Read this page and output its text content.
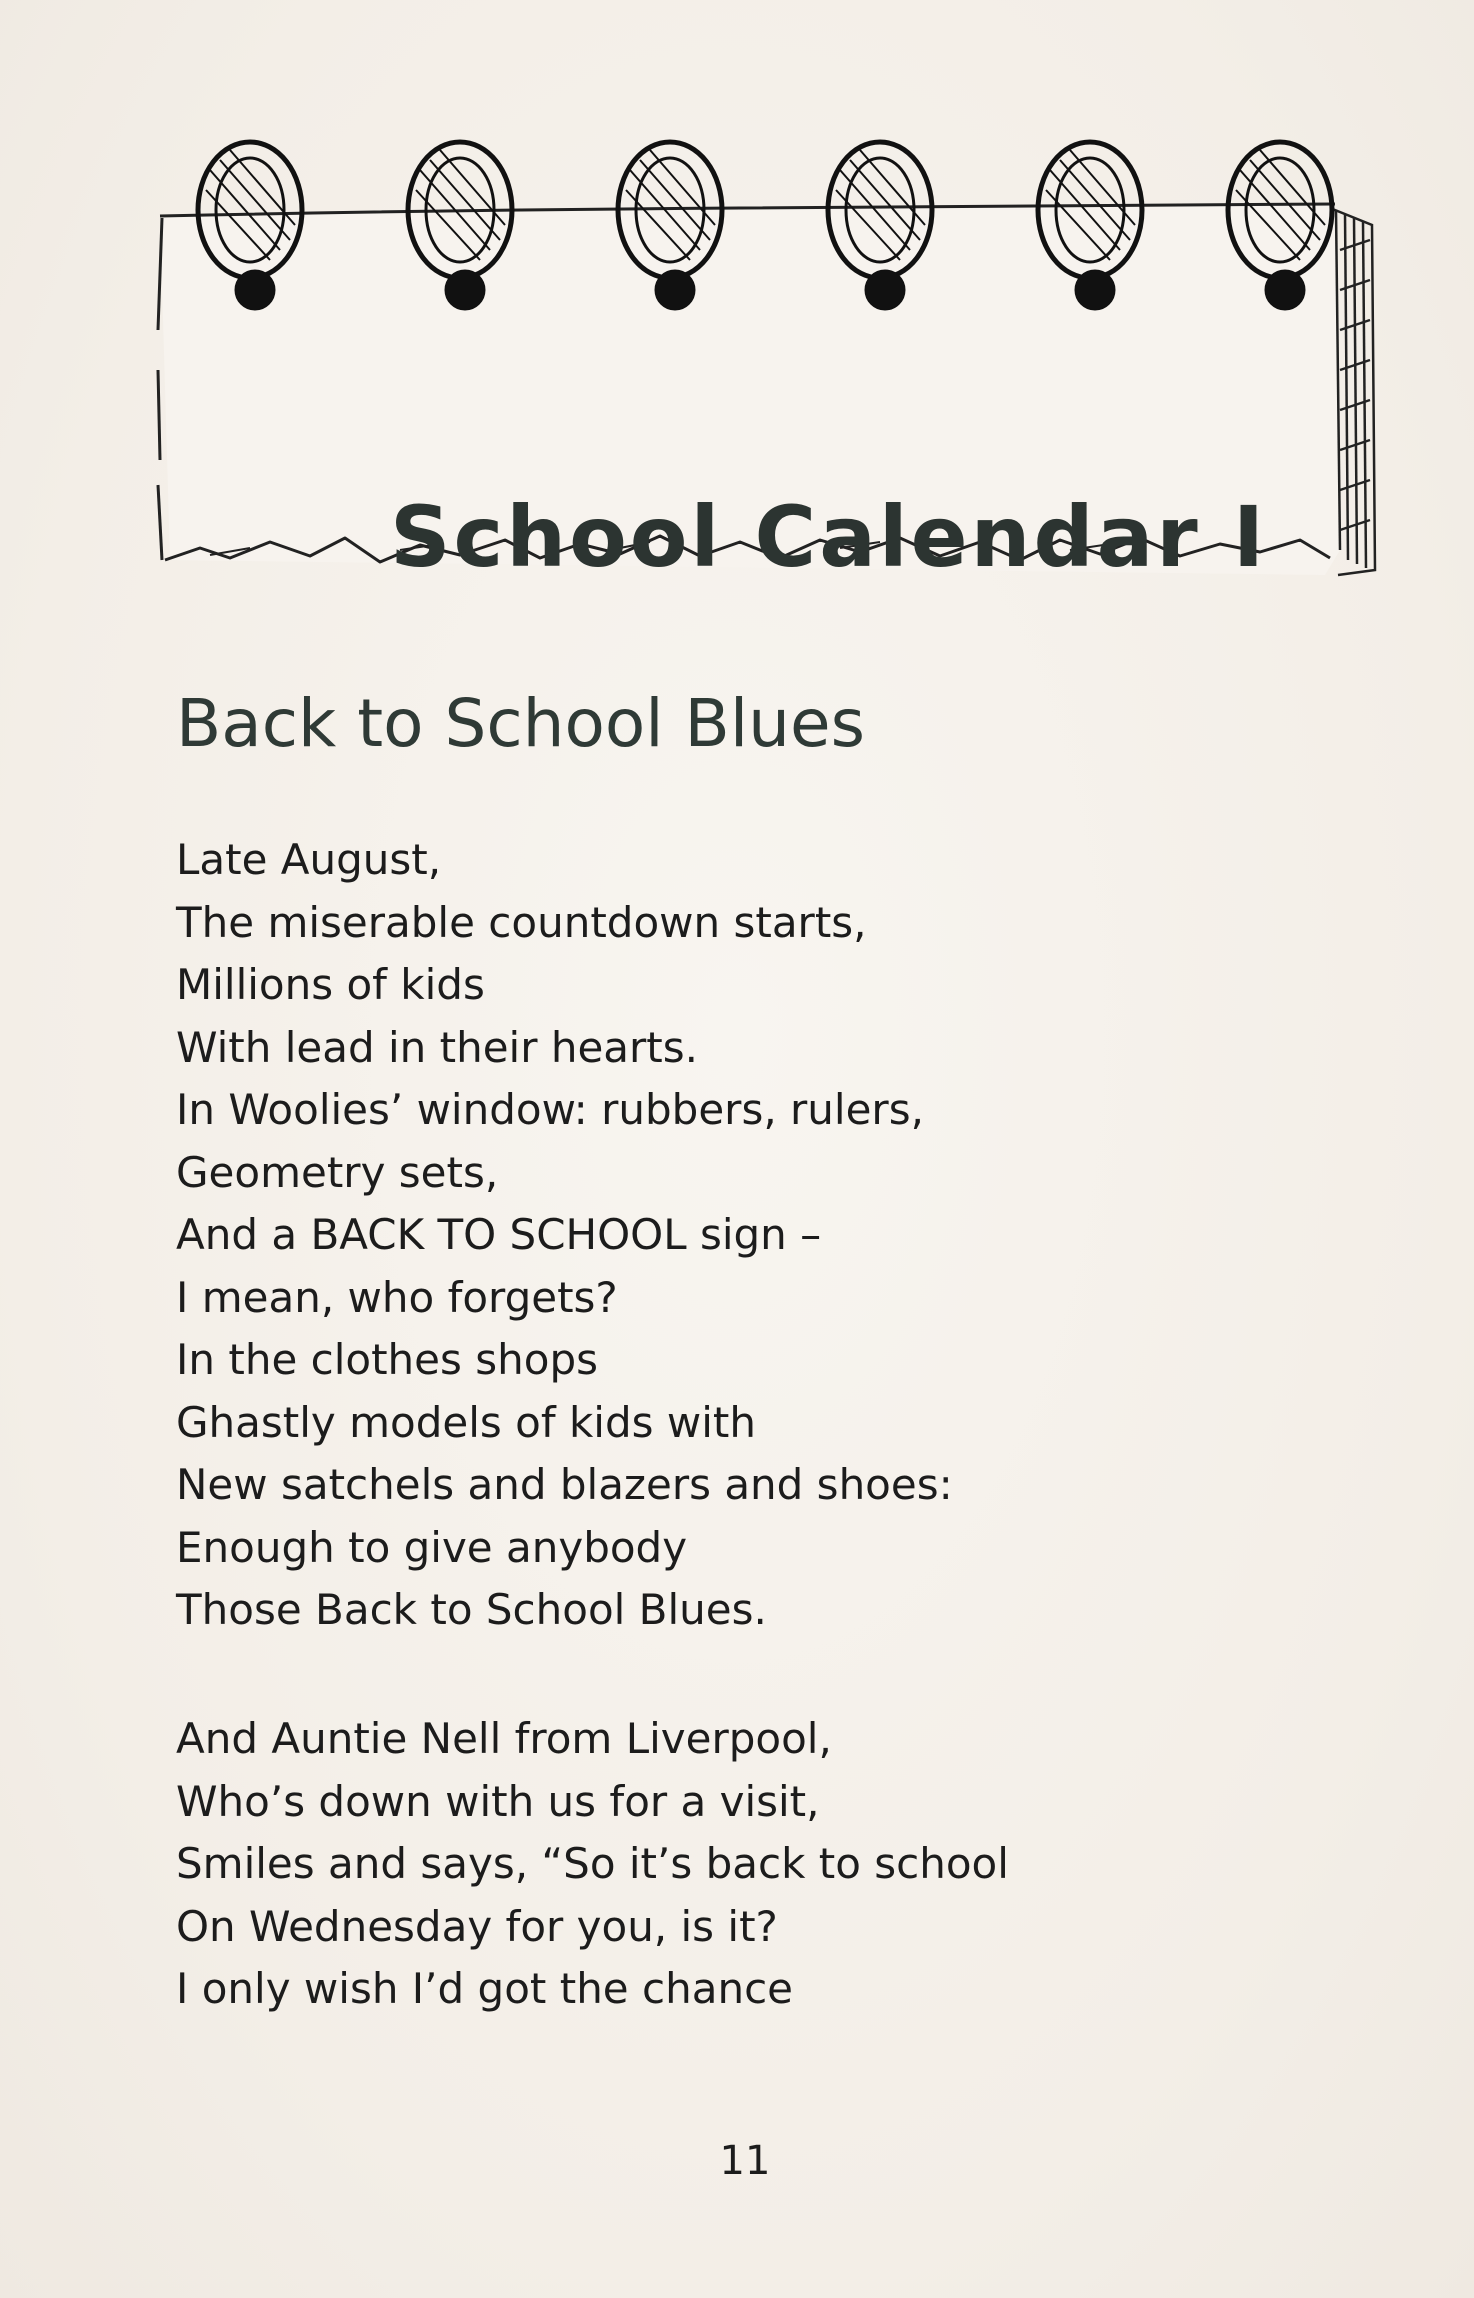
School Calendar I
Back to School Blues
Late August,
The miserable countdown starts,
Millions of kids
With lead in their hearts.
In Woolies’ window: rubbers, rulers,
Geometry sets,
And a BACK TO SCHOOL sign –
I mean, who forgets?
In the clothes shops
Ghastly models of kids with
New satchels and blazers and shoes:
Enough to give anybody
Those Back to School Blues.
And Auntie Nell from Liverpool,
Who’s down with us for a visit,
Smiles and says, “So it’s back to school
On Wednesday for you, is it?
I only wish I’d got the chance
11
